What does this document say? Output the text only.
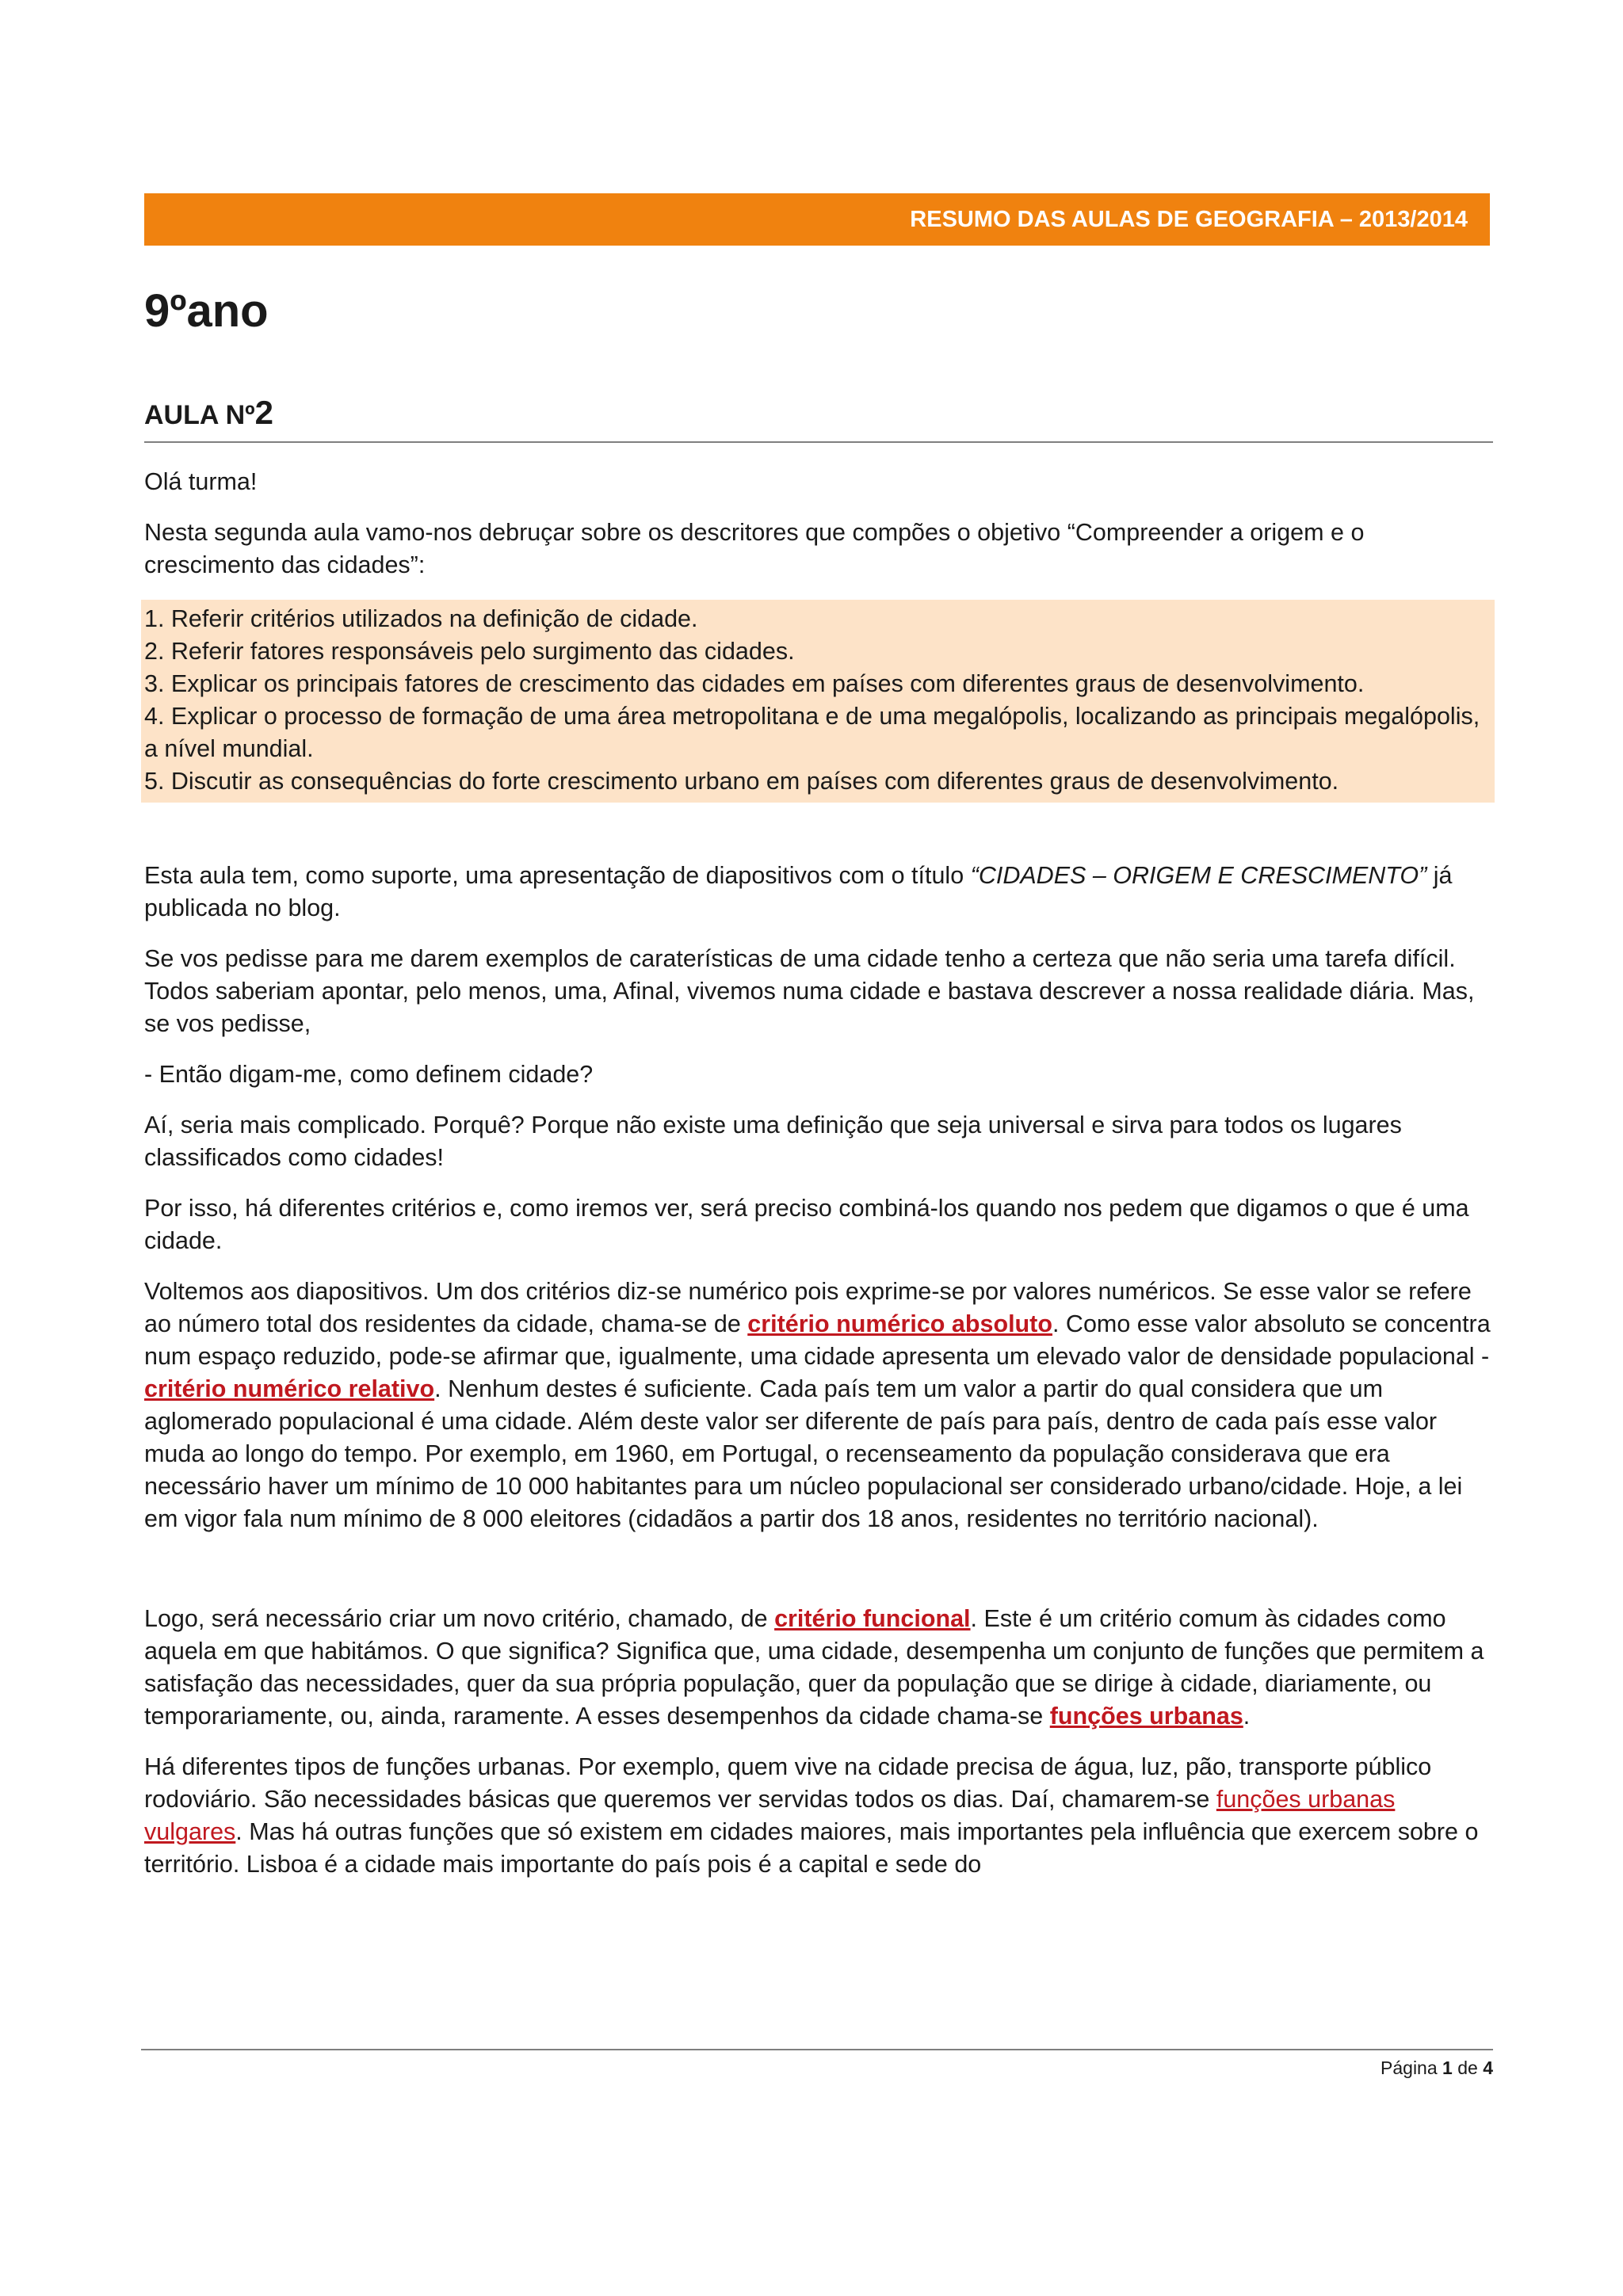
RESUMO DAS AULAS DE GEOGRAFIA – 2013/2014
9ºano
AULA Nº2

Olá turma!

Nesta segunda aula vamo-nos debruçar sobre os descritores que compões o objetivo “Compreender a origem e o crescimento das cidades”:

1. Referir critérios utilizados na definição de cidade.
2. Referir fatores responsáveis pelo surgimento das cidades.
3. Explicar os principais fatores de crescimento das cidades em países com diferentes graus de desenvolvimento.
4. Explicar o processo de formação de uma área metropolitana e de uma megalópolis, localizando as principais megalópolis, a nível mundial.
5. Discutir as consequências do forte crescimento urbano em países com diferentes graus de desenvolvimento.

Esta aula tem, como suporte, uma apresentação de diapositivos com o título “CIDADES – ORIGEM E CRESCIMENTO” já publicada no blog.

Se vos pedisse para me darem exemplos de caraterísticas de uma cidade tenho a certeza que não seria uma tarefa difícil. Todos saberiam apontar, pelo menos, uma, Afinal, vivemos numa cidade e bastava descrever a nossa realidade diária. Mas, se vos pedisse,

- Então digam-me, como definem cidade?

Aí, seria mais complicado. Porquê? Porque não existe uma definição que seja universal e sirva para todos os lugares classificados como cidades!

Por isso, há diferentes critérios e, como iremos ver, será preciso combiná-los quando nos pedem que digamos o que é uma cidade.

Voltemos aos diapositivos. Um dos critérios diz-se numérico pois exprime-se por valores numéricos. Se esse valor se refere ao número total dos residentes da cidade, chama-se de critério numérico absoluto. Como esse valor absoluto se concentra num espaço reduzido, pode-se afirmar que, igualmente, uma cidade apresenta um elevado valor de densidade populacional - critério numérico relativo. Nenhum destes é suficiente. Cada país tem um valor a partir do qual considera que um aglomerado populacional é uma cidade. Além deste valor ser diferente de país para país, dentro de cada país esse valor muda ao longo do tempo. Por exemplo, em 1960, em Portugal, o recenseamento da população considerava que era necessário haver um mínimo de 10 000 habitantes para um núcleo populacional ser considerado urbano/cidade. Hoje, a lei em vigor fala num mínimo de 8 000 eleitores (cidadãos a partir dos 18 anos, residentes no território nacional).

Logo, será necessário criar um novo critério, chamado, de critério funcional. Este é um critério comum às cidades como aquela em que habitámos. O que significa? Significa que, uma cidade, desempenha um conjunto de funções que permitem a satisfação das necessidades, quer da sua própria população, quer da população que se dirige à cidade, diariamente, ou temporariamente, ou, ainda, raramente. A esses desempenhos da cidade chama-se funções urbanas.

Há diferentes tipos de funções urbanas. Por exemplo, quem vive na cidade precisa de água, luz, pão, transporte público rodoviário. São necessidades básicas que queremos ver servidas todos os dias. Daí, chamarem-se funções urbanas vulgares. Mas há outras funções que só existem em cidades maiores, mais importantes pela influência que exercem sobre o território. Lisboa é a cidade mais importante do país pois é a capital e sede do

Página 1 de 4
